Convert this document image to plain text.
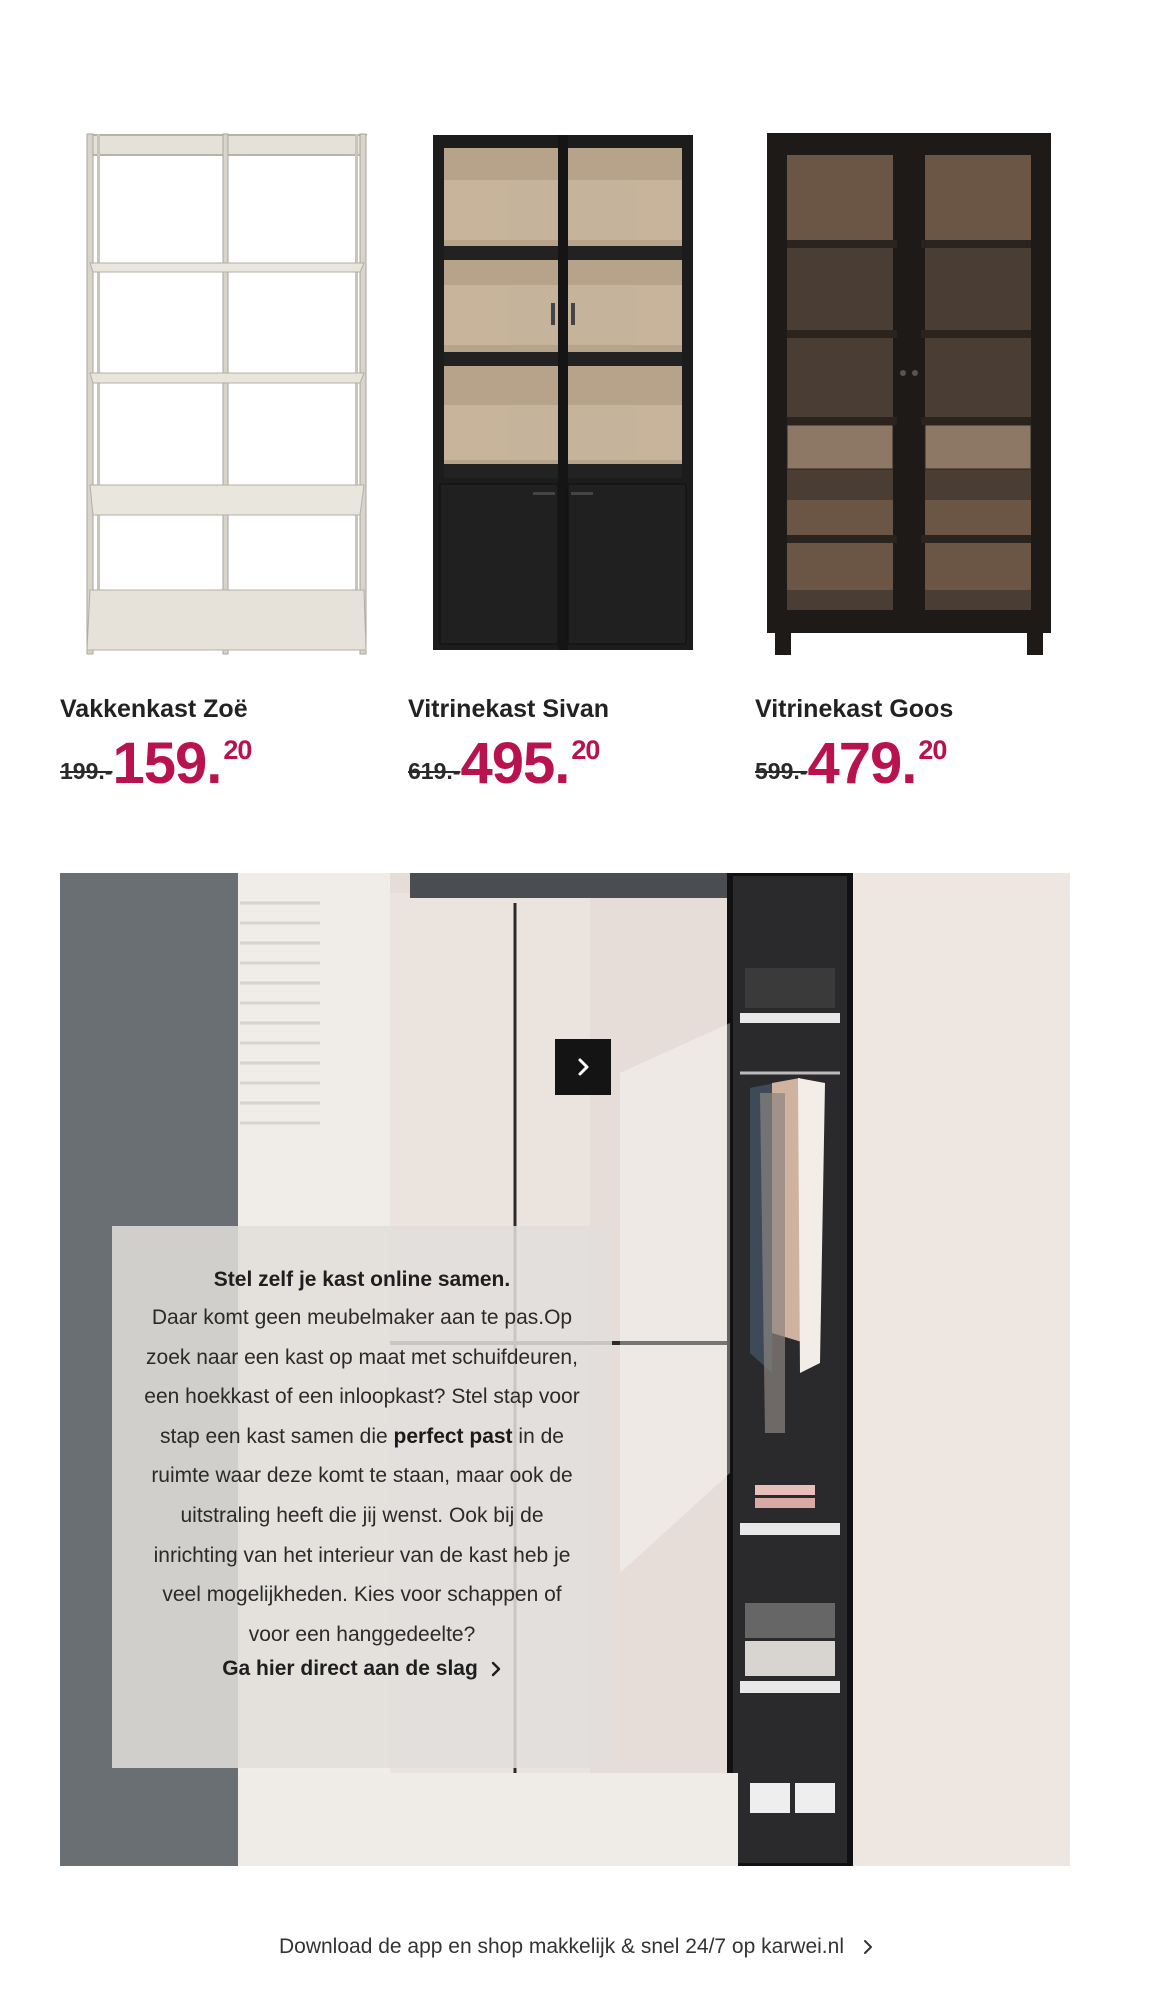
Vakkenkast Zoë
199.-159.20
Vitrinekast Sivan
619.-495.20
Vitrinekast Goos
599.-479.20
Stel zelf je kast online samen.
Daar komt geen meubelmaker aan te pas.Op zoek naar een kast op maat met schuifdeuren, een hoekkast of een inloopkast? Stel stap voor stap een kast samen die perfect past in de ruimte waar deze komt te staan, maar ook de uitstraling heeft die jij wenst. Ook bij de inrichting van het interieur van de kast heb je veel mogelijkheden. Kies voor schappen of voor een hanggedeelte?
Ga hier direct aan de slag
Download de app en shop makkelijk & snel 24/7 op karwei.nl
